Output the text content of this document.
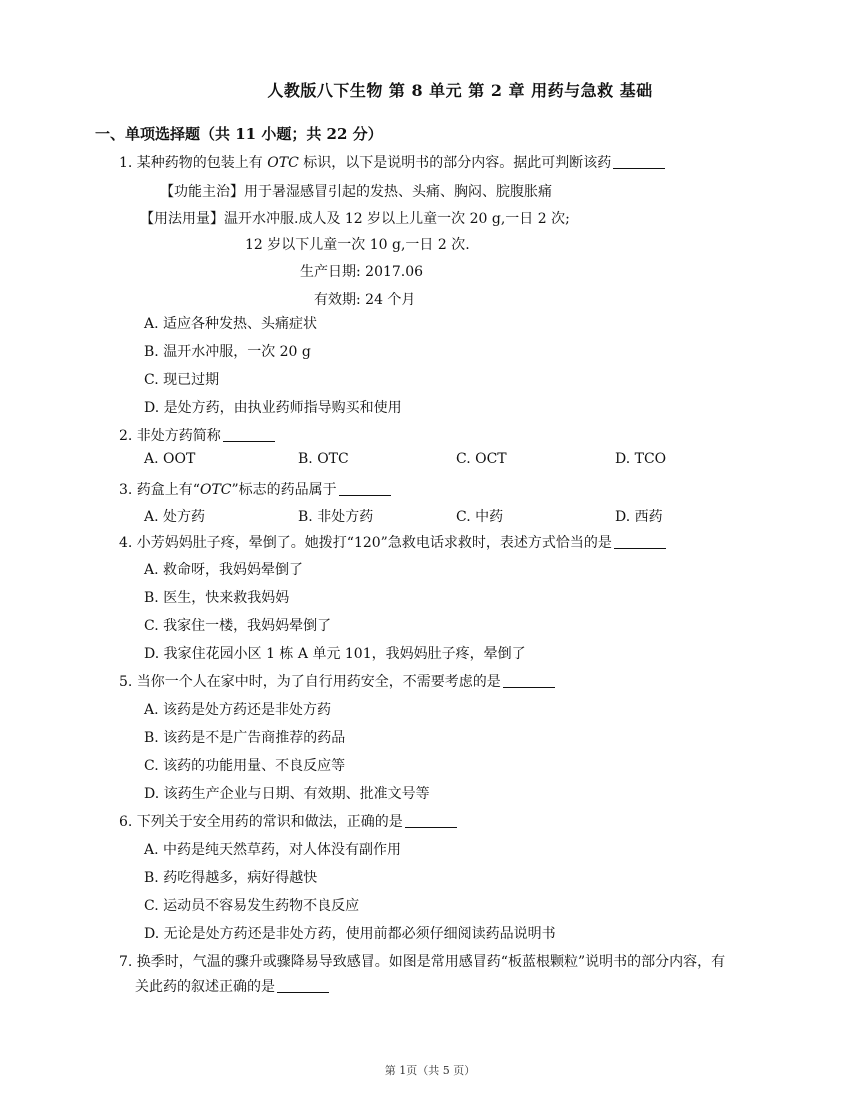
人教版八下生物 第 8 单元 第 2 章 用药与急救 基础
一、单项选择题（共 11 小题；共 22 分）
1. 某种药物的包装上有 OTC 标识，以下是说明书的部分内容。据此可判断该药
【功能主治】用于暑湿感冒引起的发热、头痛、胸闷、脘腹胀痛
【用法用量】温开水冲服.成人及 12 岁以上儿童一次 20 g,一日 2 次;
12 岁以下儿童一次 10 g,一日 2 次.
生产日期: 2017.06
有效期: 24 个月
A. 适应各种发热、头痛症状
B. 温开水冲服，一次 20 g
C. 现已过期
D. 是处方药，由执业药师指导购买和使用
2. 非处方药简称
A. OOT	B. OTC	C. OCT	D. TCO
3. 药盒上有“OTC”标志的药品属于
A. 处方药	B. 非处方药	C. 中药	D. 西药
4. 小芳妈妈肚子疼，晕倒了。她拨打“120”急救电话求救时，表述方式恰当的是
A. 救命呀，我妈妈晕倒了
B. 医生，快来救我妈妈
C. 我家住一楼，我妈妈晕倒了
D. 我家住花园小区 1 栋 A 单元 101，我妈妈肚子疼，晕倒了
5. 当你一个人在家中时，为了自行用药安全，不需要考虑的是
A. 该药是处方药还是非处方药
B. 该药是不是广告商推荐的药品
C. 该药的功能用量、不良反应等
D. 该药生产企业与日期、有效期、批准文号等
6. 下列关于安全用药的常识和做法，正确的是
A. 中药是纯天然草药，对人体没有副作用
B. 药吃得越多，病好得越快
C. 运动员不容易发生药物不良反应
D. 无论是处方药还是非处方药，使用前都必须仔细阅读药品说明书
7. 换季时，气温的骤升或骤降易导致感冒。如图是常用感冒药“板蓝根颗粒”说明书的部分内容，有
关此药的叙述正确的是
第 1页（共 5 页）
